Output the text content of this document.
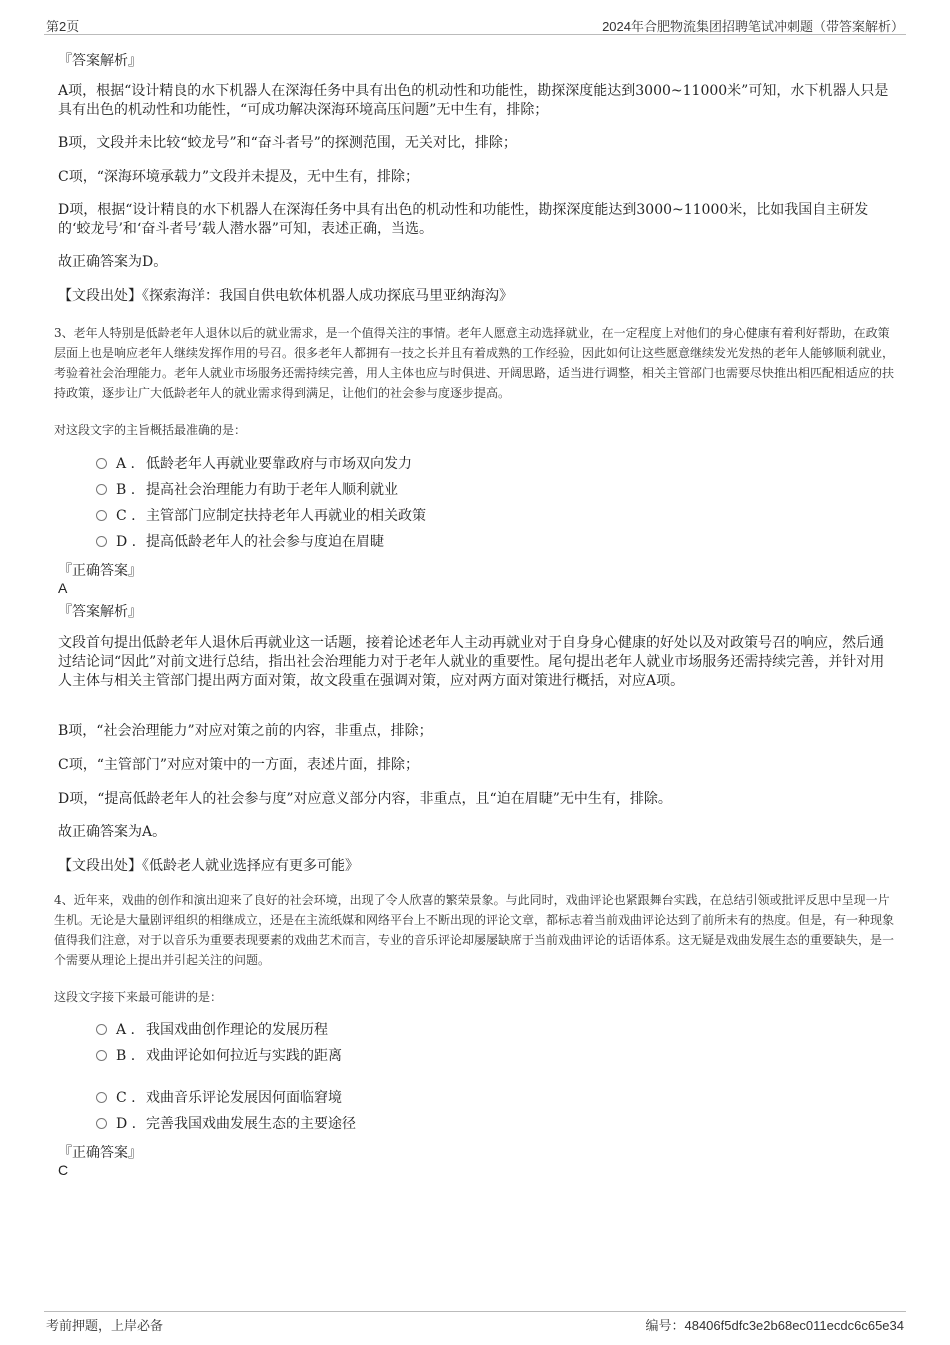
第2页	2024年合肥物流集团招聘笔试冲刺题（带答案解析）
『答案解析』
A项，根据“设计精良的水下机器人在深海任务中具有出色的机动性和功能性，勘探深度能达到3000~11000米”可知，水下机器人只是具有出色的机动性和功能性，“可成功解决深海环境高压问题”无中生有，排除；
B项，文段并未比较“蛟龙号”和“奋斗者号”的探测范围，无关对比，排除；
C项，“深海环境承载力”文段并未提及，无中生有，排除；
D项，根据“设计精良的水下机器人在深海任务中具有出色的机动性和功能性，勘探深度能达到3000~11000米，比如我国自主研发的‘蛟龙号’和‘奋斗者号’载人潜水器”可知，表述正确，当选。
故正确答案为D。
【文段出处】《探索海洋：我国自供电软体机器人成功探底马里亚纳海沟》
3、老年人特别是低龄老年人退休以后的就业需求，是一个值得关注的事情。老年人愿意主动选择就业，在一定程度上对他们的身心健康有着利好帮助，在政策层面上也是响应老年人继续发挥作用的号召。很多老年人都拥有一技之长并且有着成熟的工作经验，因此如何让这些愿意继续发光发热的老年人能够顺利就业，考验着社会治理能力。老年人就业市场服务还需持续完善，用人主体也应与时俱进、开阔思路，适当进行调整，相关主管部门也需要尽快推出相匹配相适应的扶持政策，逐步让广大低龄老年人的就业需求得到满足，让他们的社会参与度逐步提高。
对这段文字的主旨概括最准确的是：
A . 低龄老年人再就业要靠政府与市场双向发力
B . 提高社会治理能力有助于老年人顺利就业
C . 主管部门应制定扶持老年人再就业的相关政策
D . 提高低龄老年人的社会参与度迫在眉睫
『正确答案』
A
『答案解析』
文段首句提出低龄老年人退休后再就业这一话题，接着论述老年人主动再就业对于自身身心健康的好处以及对政策号召的响应，然后通过结论词“因此”对前文进行总结，指出社会治理能力对于老年人就业的重要性。尾句提出老年人就业市场服务还需持续完善，并针对用人主体与相关主管部门提出两方面对策，故文段重在强调对策，应对两方面对策进行概括，对应A项。
B项，“社会治理能力”对应对策之前的内容，非重点，排除；
C项，“主管部门”对应对策中的一方面，表述片面，排除；
D项，“提高低龄老年人的社会参与度”对应意义部分内容，非重点，且“迫在眉睫”无中生有，排除。
故正确答案为A。
【文段出处】《低龄老人就业选择应有更多可能》
4、近年来，戏曲的创作和演出迎来了良好的社会环境，出现了令人欣喜的繁荣景象。与此同时，戏曲评论也紧跟舞台实践，在总结引领或批评反思中呈现一片生机。无论是大量剧评组织的相继成立，还是在主流纸媒和网络平台上不断出现的评论文章，都标志着当前戏曲评论达到了前所未有的热度。但是，有一种现象值得我们注意，对于以音乐为重要表现要素的戏曲艺术而言，专业的音乐评论却屡屡缺席于当前戏曲评论的话语体系。这无疑是戏曲发展生态的重要缺失，是一个需要从理论上提出并引起关注的问题。
这段文字接下来最可能讲的是：
A . 我国戏曲创作理论的发展历程
B . 戏曲评论如何拉近与实践的距离
C . 戏曲音乐评论发展因何面临窘境
D . 完善我国戏曲发展生态的主要途径
『正确答案』
C
考前押题，上岸必备	编号：48406f5dfc3e2b68ec011ecdc6c65e34
